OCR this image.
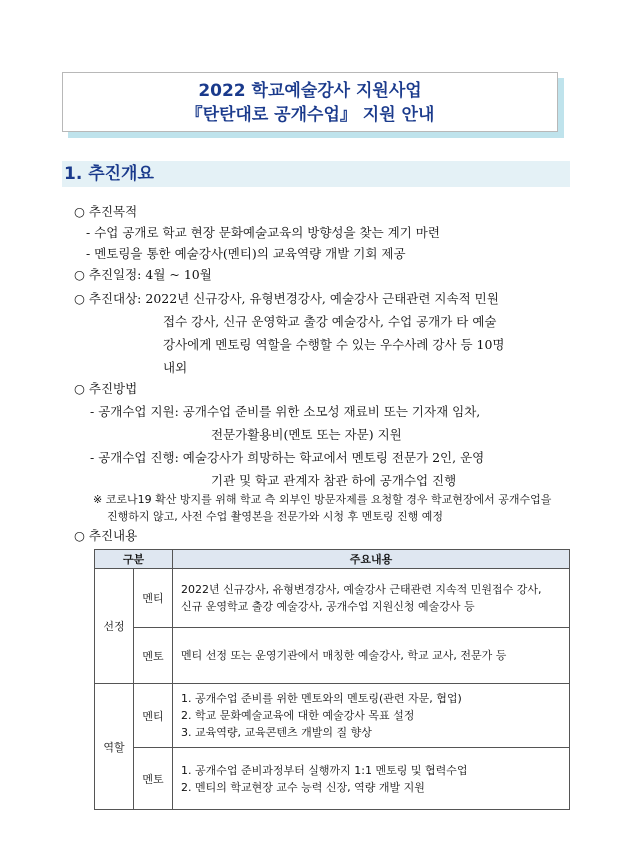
2022 학교예술강사 지원사업
『탄탄대로 공개수업』 지원 안내
1. 추진개요
○ 추진목적
- 수업 공개로 학교 현장 문화예술교육의 방향성을 찾는 계기 마련
- 멘토링을 통한 예술강사(멘티)의 교육역량 개발 기회 제공
○ 추진일정: 4월 ~ 10월
○ 추진대상: 2022년 신규강사, 유형변경강사, 예술강사 근태관련 지속적 민원
접수 강사, 신규 운영학교 출강 예술강사, 수업 공개가 타 예술
강사에게 멘토링 역할을 수행할 수 있는 우수사례 강사 등 10명
내외
○ 추진방법
- 공개수업 지원: 공개수업 준비를 위한 소모성 재료비 또는 기자재 임차,
전문가활용비(멘토 또는 자문) 지원
- 공개수업 진행: 예술강사가 희망하는 학교에서 멘토링 전문가 2인, 운영
기관 및 학교 관계자 참관 하에 공개수업 진행
※ 코로나19 확산 방지를 위해 학교 측 외부인 방문자제를 요청할 경우 학교현장에서 공개수업을
진행하지 않고, 사전 수업 촬영본을 전문가와 시청 후 멘토링 진행 예정
○ 추진내용
구분		주요내용
선정	멘티	2022년 신규강사, 유형변경강사, 예술강사 근태관련 지속적 민원접수 강사,
신규 운영학교 출강 예술강사, 공개수업 지원신청 예술강사 등

	멘토	멘티 선정 또는 운영기관에서 매칭한 예술강사, 학교 교사, 전문가 등

역할	멘티	1. 공개수업 준비를 위한 멘토와의 멘토링(관련 자문, 협업)
2. 학교 문화예술교육에 대한 예술강사 목표 설정
3. 교육역량, 교육콘텐츠 개발의 질 향상

	멘토	1. 공개수업 준비과정부터 실행까지 1:1 멘토링 및 협력수업
2. 멘티의 학교현장 교수 능력 신장, 역량 개발 지원
